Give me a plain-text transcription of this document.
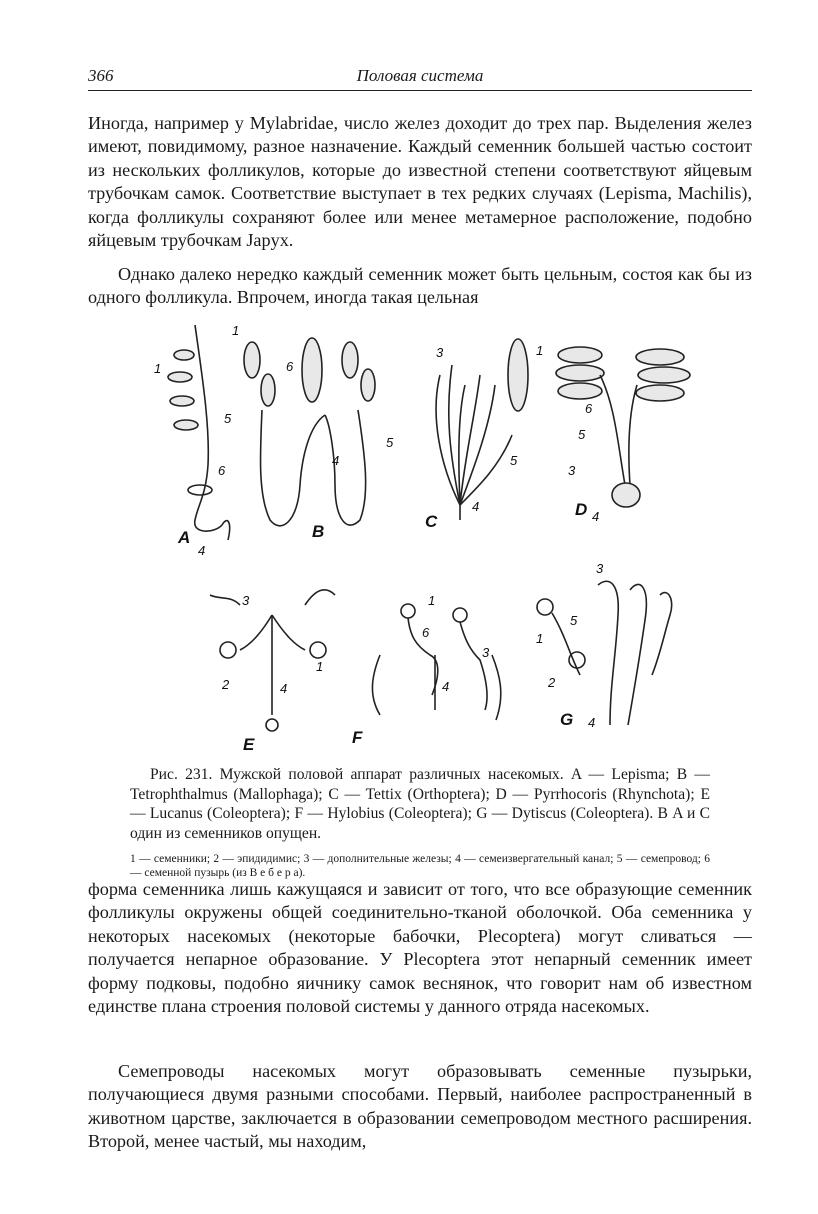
366	Половая система

Иногда, например у Mylabridae, число желез доходит до трех пар. Выделения желез имеют, повидимому, разное назначение. Каждый семенник большей частью состоит из нескольких фолликулов, которые до известной степени соответствуют яйцевым трубочкам самок. Соответствие выступает в тех редких случаях (Lepisma, Machilis), когда фолликулы сохраняют более или менее метамерное расположение, подобно яйцевым трубочкам Japyx.

Однако далеко нередко каждый семенник может быть цельным, состоя как бы из одного фолликула. Впрочем, иногда такая цельная

A
1
5
6
4
B
1
6
4
5
C
3	1
5
4	D
6
5
3
4
E
3
1
2	4
F
1
6
3
4
G
3
5
1
2
4

Рис. 231. Мужской половой аппарат различных насекомых. A — Lepisma; B — Tetrophthalmus (Mallophaga); C — Tettix (Orthoptera); D — Pyrrhocoris (Rhynchota); E — Lucanus (Coleoptera); F — Hylobius (Coleoptera); G — Dytiscus (Coleoptera). В A и C один из семенников опущен.

1 — семенники; 2 — эпидидимис; 3 — дополнительные железы; 4 — семеизвергательный канал; 5 — семепровод; 6 — семенной пузырь (из В е б е р а).

форма семенника лишь кажущаяся и зависит от того, что все образующие семенник фолликулы окружены общей соединительно-тканой оболочкой. Оба семенника у некоторых насекомых (некоторые бабочки, Plecoptera) могут сливаться — получается непарное образование. У Plecoptera этот непарный семенник имеет форму подковы, подобно яичнику самок веснянок, что говорит нам об известном единстве плана строения половой системы у данного отряда насекомых.

Семепроводы насекомых могут образовывать семенные пузырьки, получающиеся двумя разными способами. Первый, наиболее распространенный в животном царстве, заключается в образовании семепроводом местного расширения. Второй, менее частый, мы находим,
